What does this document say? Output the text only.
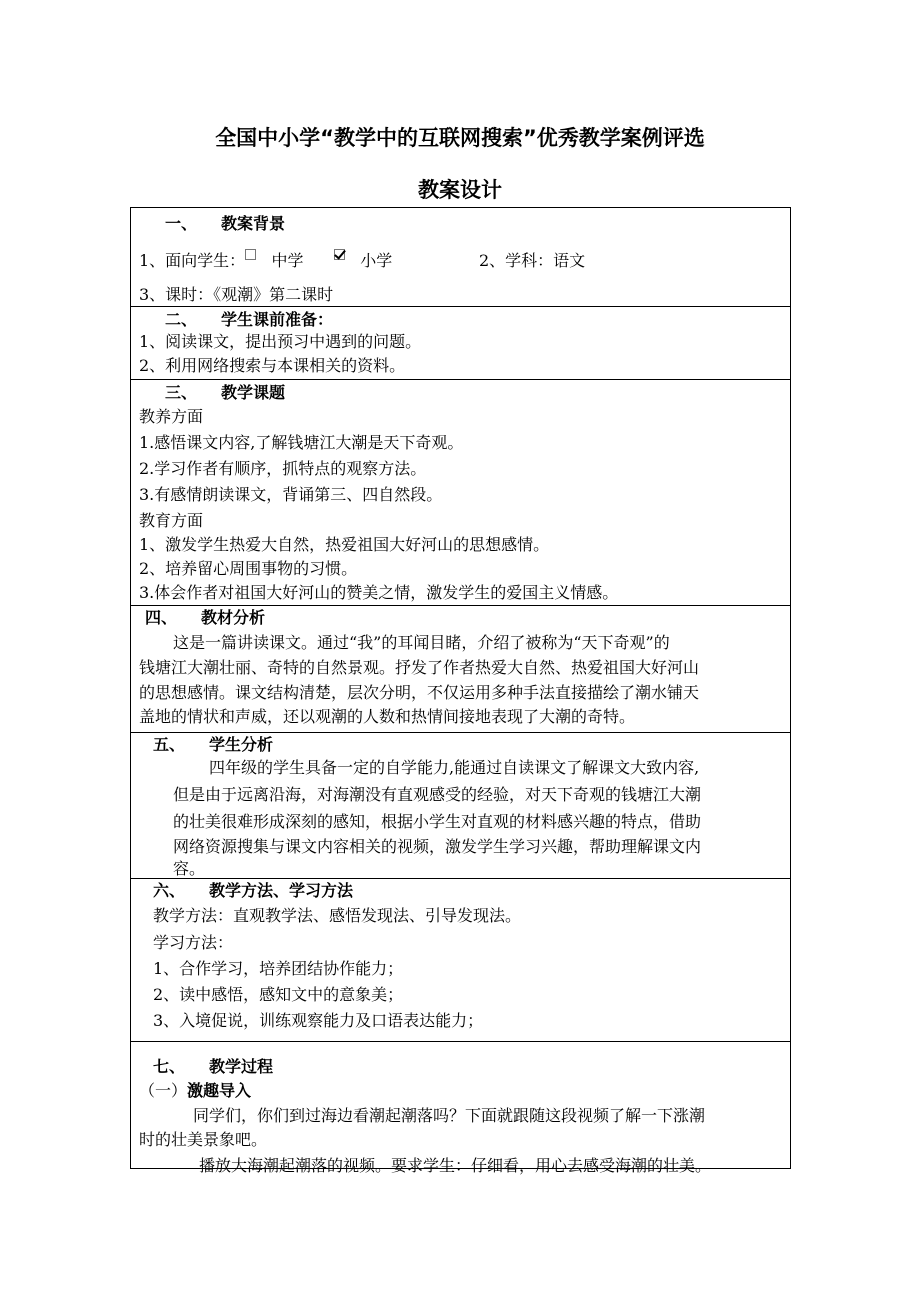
全国中小学“教学中的互联网搜索”优秀教学案例评选
教案设计
一、 教案背景
1、面向学生： 中学	小学	2、学科：语文
3、课时：《观潮》第二课时
二、 学生课前准备：
1、阅读课文，提出预习中遇到的问题。
2、利用网络搜索与本课相关的资料。
三、 教学课题
教养方面
1.感悟课文内容,了解钱塘江大潮是天下奇观。
2.学习作者有顺序，抓特点的观察方法。
3.有感情朗读课文，背诵第三、四自然段。
教育方面
1、激发学生热爱大自然，热爱祖国大好河山的思想感情。
2、培养留心周围事物的习惯。
3.体会作者对祖国大好河山的赞美之情，激发学生的爱国主义情感。
四、 教材分析
这是一篇讲读课文。通过“我”的耳闻目睹，介绍了被称为“天下奇观”的
钱塘江大潮壮丽、奇特的自然景观。抒发了作者热爱大自然、热爱祖国大好河山
的思想感情。课文结构清楚，层次分明，不仅运用多种手法直接描绘了潮水铺天
盖地的情状和声威，还以观潮的人数和热情间接地表现了大潮的奇特。
五、 学生分析
四年级的学生具备一定的自学能力,能通过自读课文了解课文大致内容,
但是由于远离沿海，对海潮没有直观感受的经验，对天下奇观的钱塘江大潮
的壮美很难形成深刻的感知，根据小学生对直观的材料感兴趣的特点，借助
网络资源搜集与课文内容相关的视频，激发学生学习兴趣，帮助理解课文内
容。
六、 教学方法、学习方法
教学方法：直观教学法、感悟发现法、引导发现法。
学习方法：
1、合作学习，培养团结协作能力；
2、读中感悟，感知文中的意象美；
3、入境促说，训练观察能力及口语表达能力；
七、 教学过程
（一）激趣导入
同学们，你们到过海边看潮起潮落吗？下面就跟随这段视频了解一下涨潮
时的壮美景象吧。
播放大海潮起潮落的视频。要求学生：仔细看，用心去感受海潮的壮美。
